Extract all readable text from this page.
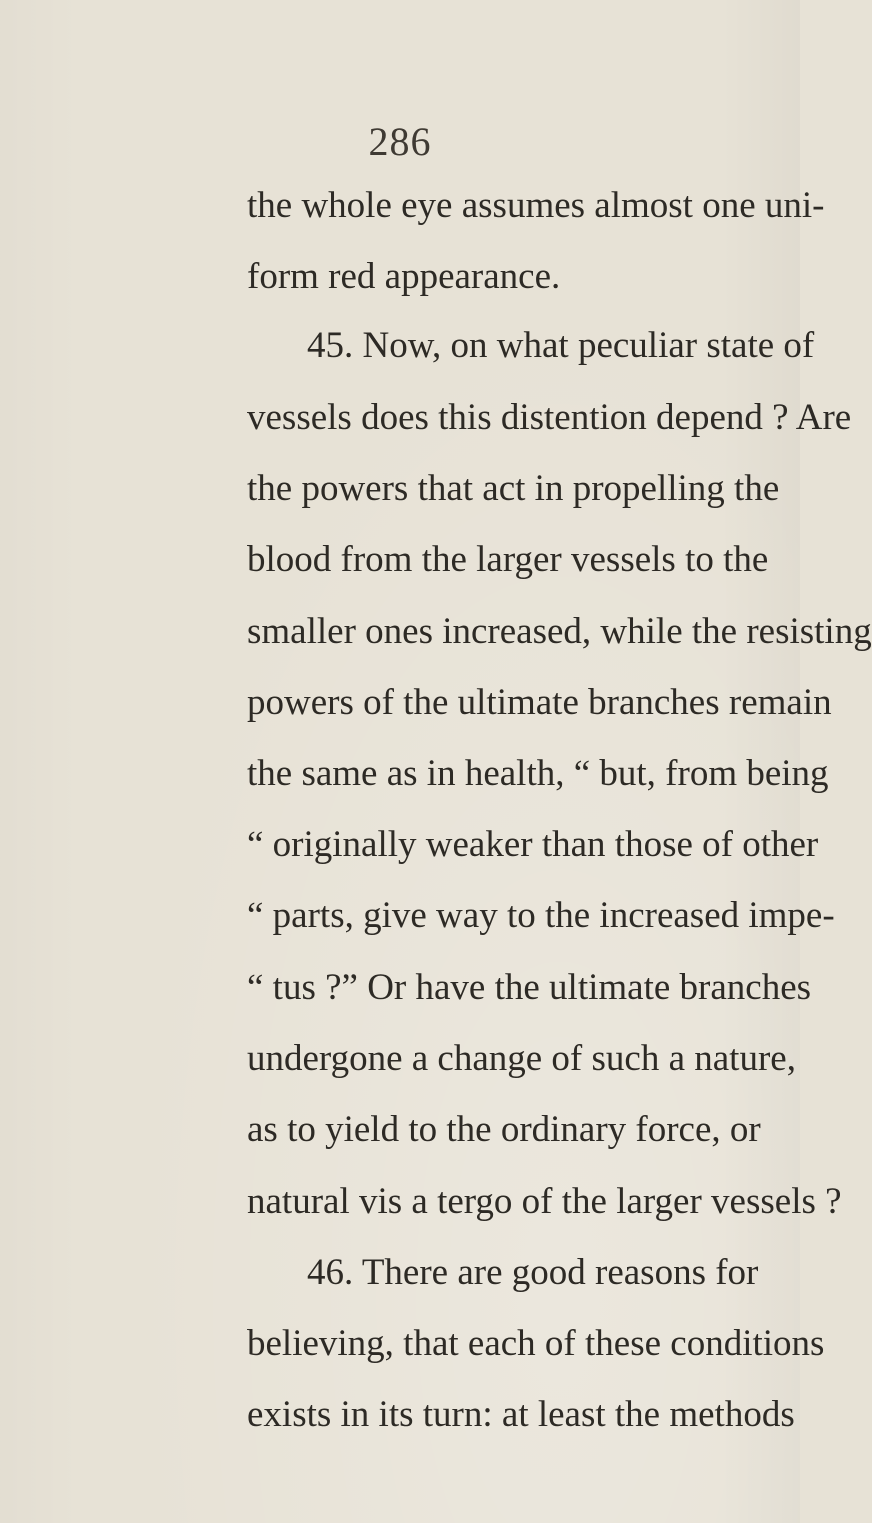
286
the whole eye assumes almost one uni-
form red appearance.
45. Now, on what peculiar state of
vessels does this distention depend ? Are
the powers that act in propelling the
blood from the larger vessels to the
smaller ones increased, while the resisting
powers of the ultimate branches remain
the same as in health, “ but, from being
“ originally weaker than those of other
“ parts, give way to the increased impe-
“ tus ?” Or have the ultimate branches
undergone a change of such a nature,
as to yield to the ordinary force, or
natural vis a tergo of the larger vessels ?
46. There are good reasons for
believing, that each of these conditions
exists in its turn: at least the methods
